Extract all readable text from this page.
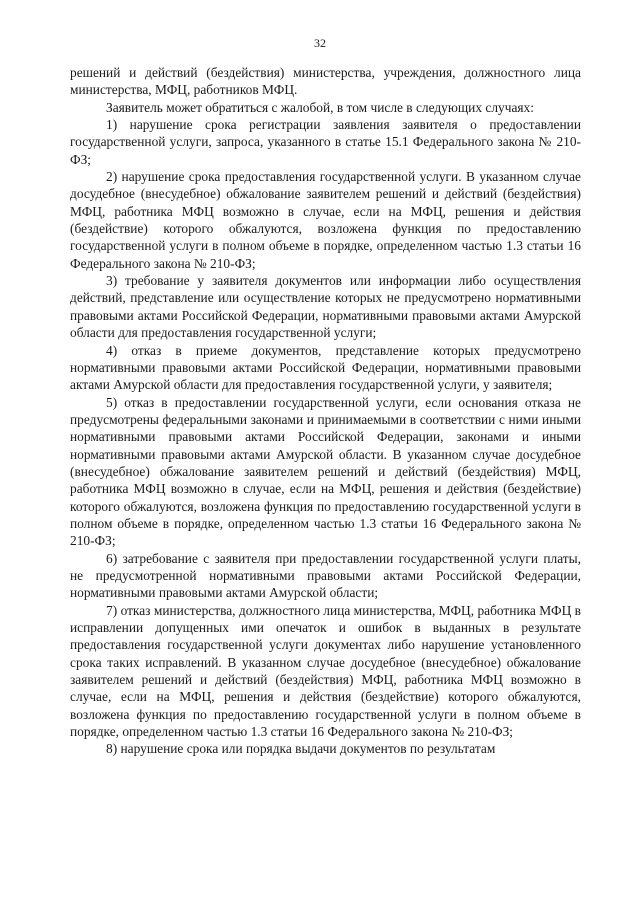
32

решений и действий (бездействия) министерства, учреждения, должностного лица министерства, МФЦ, работников МФЦ.

Заявитель может обратиться с жалобой, в том числе в следующих случаях:

1) нарушение срока регистрации заявления заявителя о предоставлении государственной услуги, запроса, указанного в статье 15.1 Федерального закона № 210-ФЗ;

2) нарушение срока предоставления государственной услуги. В указанном случае досудебное (внесудебное) обжалование заявителем решений и действий (бездействия) МФЦ, работника МФЦ возможно в случае, если на МФЦ, решения и действия (бездействие) которого обжалуются, возложена функция по предоставлению государственной услуги в полном объеме в порядке, определенном частью 1.3 статьи 16 Федерального закона № 210-ФЗ;

3) требование у заявителя документов или информации либо осуществления действий, представление или осуществление которых не предусмотрено нормативными правовыми актами Российской Федерации, нормативными правовыми актами Амурской области для предоставления государственной услуги;

4) отказ в приеме документов, представление которых предусмотрено нормативными правовыми актами Российской Федерации, нормативными правовыми актами Амурской области для предоставления государственной услуги, у заявителя;

5) отказ в предоставлении государственной услуги, если основания отказа не предусмотрены федеральными законами и принимаемыми в соответствии с ними иными нормативными правовыми актами Российской Федерации, законами и иными нормативными правовыми актами Амурской области. В указанном случае досудебное (внесудебное) обжалование заявителем решений и действий (бездействия) МФЦ, работника МФЦ возможно в случае, если на МФЦ, решения и действия (бездействие) которого обжалуются, возложена функция по предоставлению государственной услуги в полном объеме в порядке, определенном частью 1.3 статьи 16 Федерального закона № 210-ФЗ;

6) затребование с заявителя при предоставлении государственной услуги платы, не предусмотренной нормативными правовыми актами Российской Федерации, нормативными правовыми актами Амурской области;

7) отказ министерства, должностного лица министерства, МФЦ, работника МФЦ в исправлении допущенных ими опечаток и ошибок в выданных в результате предоставления государственной услуги документах либо нарушение установленного срока таких исправлений. В указанном случае досудебное (внесудебное) обжалование заявителем решений и действий (бездействия) МФЦ, работника МФЦ возможно в случае, если на МФЦ, решения и действия (бездействие) которого обжалуются, возложена функция по предоставлению государственной услуги в полном объеме в порядке, определенном частью 1.3 статьи 16 Федерального закона № 210-ФЗ;

8) нарушение срока или порядка выдачи документов по результатам
